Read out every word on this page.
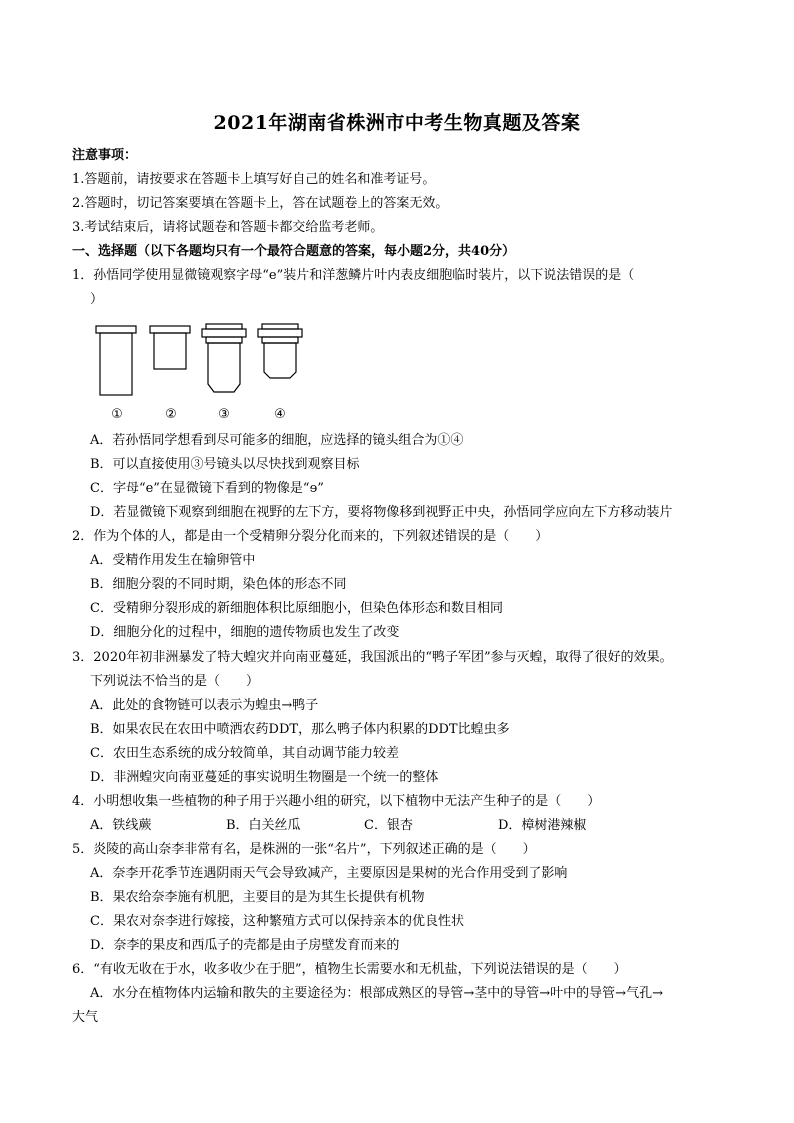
2021年湖南省株洲市中考生物真题及答案
注意事项：
1.答题前，请按要求在答题卡上填写好自己的姓名和准考证号。
2.答题时，切记答案要填在答题卡上，答在试题卷上的答案无效。
3.考试结束后，请将试题卷和答题卡都交给监考老师。
一、选择题（以下各题均只有一个最符合题意的答案，每小题2分，共40分）
1．孙悟同学使用显微镜观察字母“e”装片和洋葱鳞片叶内表皮细胞临时装片，以下说法错误的是（
）
①	②	③	④
A．若孙悟同学想看到尽可能多的细胞，应选择的镜头组合为①④
B．可以直接使用③号镜头以尽快找到观察目标
C．字母“e”在显微镜下看到的物像是“ɘ”
D．若显微镜下观察到细胞在视野的左下方，要将物像移到视野正中央，孙悟同学应向左下方移动装片
2．作为个体的人，都是由一个受精卵分裂分化而来的，下列叙述错误的是（　　）
A．受精作用发生在输卵管中
B．细胞分裂的不同时期，染色体的形态不同
C．受精卵分裂形成的新细胞体积比原细胞小，但染色体形态和数目相同
D．细胞分化的过程中，细胞的遗传物质也发生了改变
3．2020年初非洲暴发了特大蝗灾并向南亚蔓延，我国派出的“鸭子军团”参与灭蝗，取得了很好的效果。
下列说法不恰当的是（　　）
A．此处的食物链可以表示为蝗虫→鸭子
B．如果农民在农田中喷洒农药DDT，那么鸭子体内积累的DDT比蝗虫多
C．农田生态系统的成分较简单，其自动调节能力较差
D．非洲蝗灾向南亚蔓延的事实说明生物圈是一个统一的整体
4．小明想收集一些植物的种子用于兴趣小组的研究，以下植物中无法产生种子的是（　　）
A．铁线蕨	B．白关丝瓜	C．银杏	D．樟树港辣椒
5．炎陵的高山奈李非常有名，是株洲的一张“名片”，下列叙述正确的是（　　）
A．奈李开花季节连遇阴雨天气会导致减产，主要原因是果树的光合作用受到了影响
B．果农给奈李施有机肥，主要目的是为其生长提供有机物
C．果农对奈李进行嫁接，这种繁殖方式可以保持亲本的优良性状
D．奈李的果皮和西瓜子的壳都是由子房壁发育而来的
6．“有收无收在于水，收多收少在于肥”，植物生长需要水和无机盐，下列说法错误的是（　　）
A．水分在植物体内运输和散失的主要途径为：根部成熟区的导管→茎中的导管→叶中的导管→气孔→
大气
